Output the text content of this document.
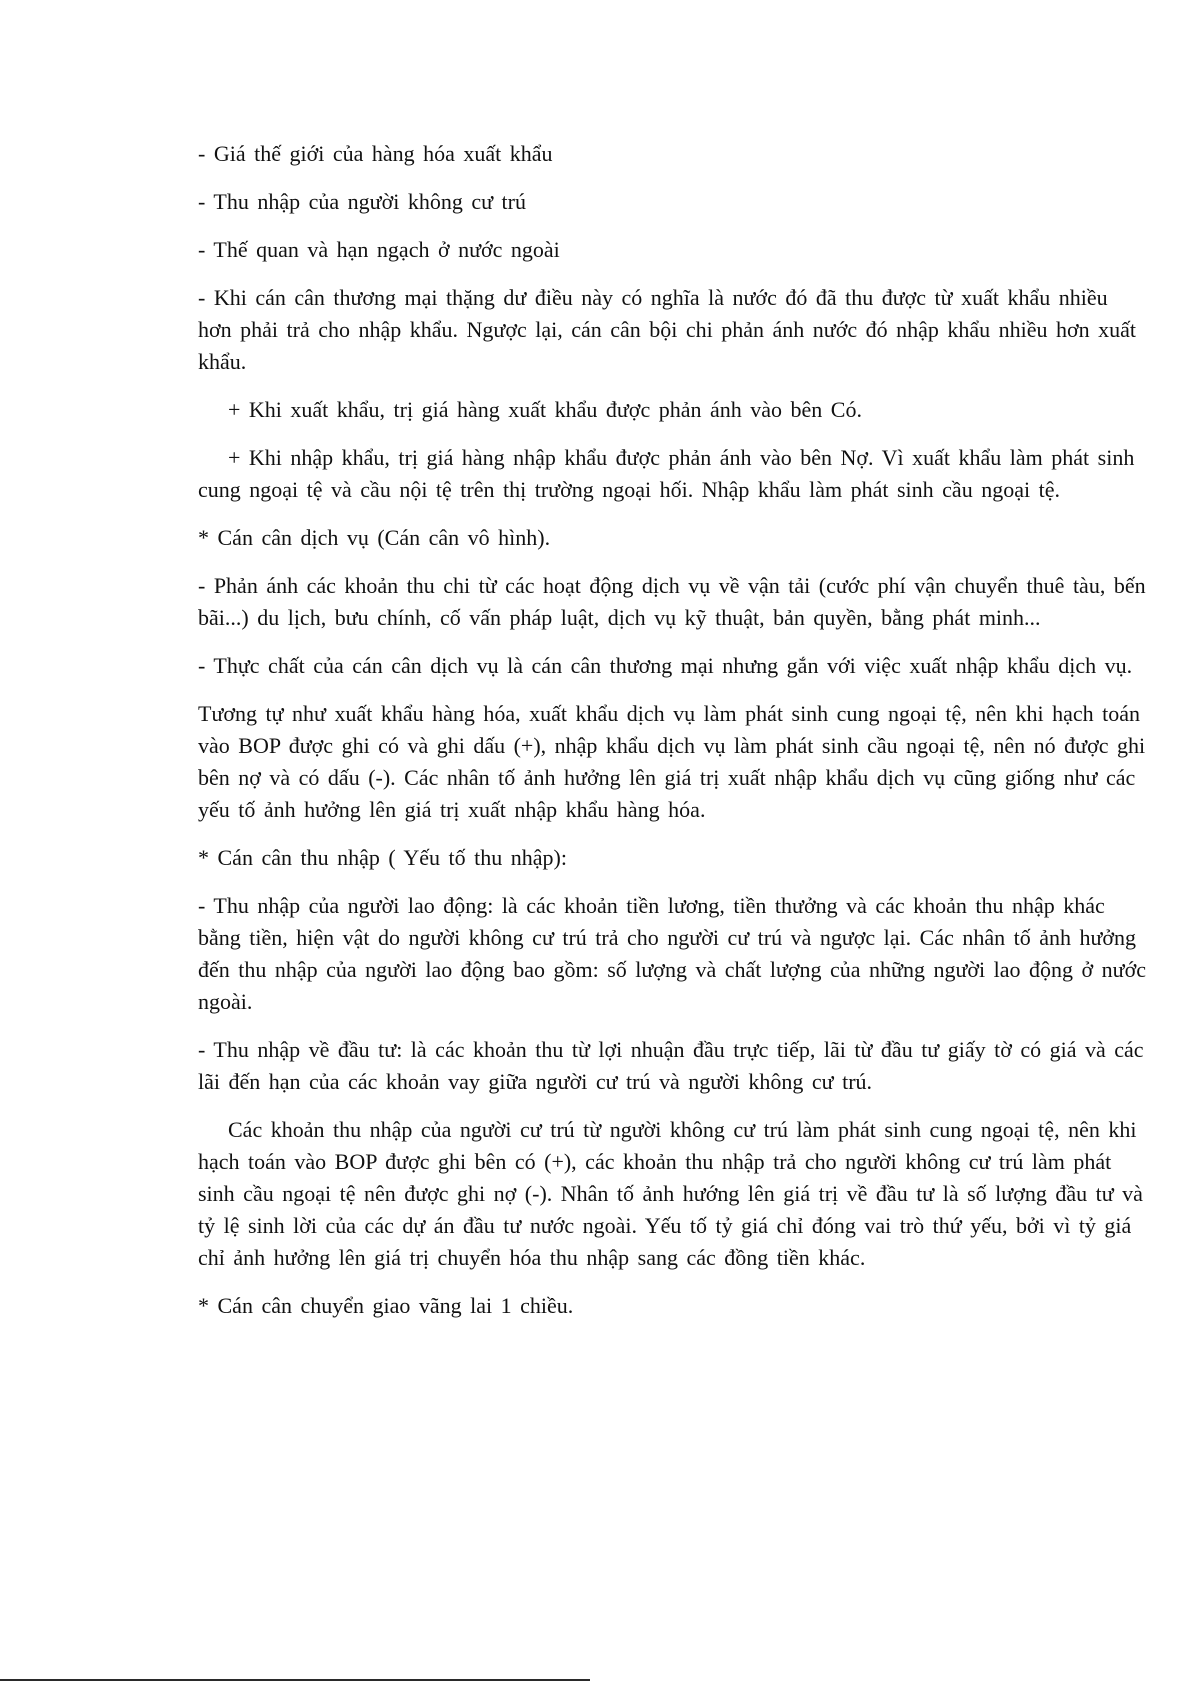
- Giá thế giới của hàng hóa xuất khẩu

- Thu nhập của người không cư trú

- Thế quan và hạn ngạch ở nước ngoài

- Khi cán cân thương mại thặng dư điều này có nghĩa là nước đó đã thu được từ xuất khẩu nhiều hơn phải trả cho nhập khẩu. Ngược lại, cán cân bội chi phản ánh nước đó nhập khẩu nhiều hơn xuất khẩu.

+ Khi xuất khẩu, trị giá hàng xuất khẩu được phản ánh vào bên Có.

+ Khi nhập khẩu, trị giá hàng nhập khẩu được phản ánh vào bên Nợ. Vì xuất khẩu làm phát sinh cung ngoại tệ và cầu nội tệ trên thị trường ngoại hối. Nhập khẩu làm phát sinh cầu ngoại tệ.

* Cán cân dịch vụ (Cán cân vô hình).

- Phản ánh các khoản thu chi từ các hoạt động dịch vụ về vận tải (cước phí vận chuyển thuê tàu, bến bãi...) du lịch, bưu chính, cố vấn pháp luật, dịch vụ kỹ thuật, bản quyền, bằng phát minh...

- Thực chất của cán cân dịch vụ là cán cân thương mại nhưng gắn với việc xuất nhập khẩu dịch vụ.

Tương tự như xuất khẩu hàng hóa, xuất khẩu dịch vụ làm phát sinh cung ngoại tệ, nên khi hạch toán vào BOP được ghi có và ghi dấu (+), nhập khẩu dịch vụ làm phát sinh cầu ngoại tệ, nên nó được ghi bên nợ và có dấu (-). Các nhân tố ảnh hưởng lên giá trị xuất nhập khẩu dịch vụ cũng giống như các yếu tố ảnh hưởng lên giá trị xuất nhập khẩu hàng hóa.

* Cán cân thu nhập ( Yếu tố thu nhập):

- Thu nhập của người lao động: là các khoản tiền lương, tiền thưởng và các khoản thu nhập khác bằng tiền, hiện vật do người không cư trú trả cho người cư trú và ngược lại. Các nhân tố ảnh hưởng đến thu nhập của người lao động bao gồm: số lượng và chất lượng của những người lao động ở nước ngoài.

- Thu nhập về đầu tư: là các khoản thu từ lợi nhuận đầu trực tiếp, lãi từ đầu tư giấy tờ có giá và các lãi đến hạn của các khoản vay giữa người cư trú và người không cư trú.

Các khoản thu nhập của người cư trú từ người không cư trú làm phát sinh cung ngoại tệ, nên khi hạch toán vào BOP được ghi bên có (+), các khoản thu nhập trả cho người không cư trú làm phát sinh cầu ngoại tệ nên được ghi nợ (-). Nhân tố ảnh hướng lên giá trị về đầu tư là số lượng đầu tư và tỷ lệ sinh lời của các dự án đầu tư nước ngoài. Yếu tố tỷ giá chỉ đóng vai trò thứ yếu, bởi vì tỷ giá chỉ ảnh hưởng lên giá trị chuyển hóa thu nhập sang các đồng tiền khác.

* Cán cân chuyển giao vãng lai 1 chiều.
